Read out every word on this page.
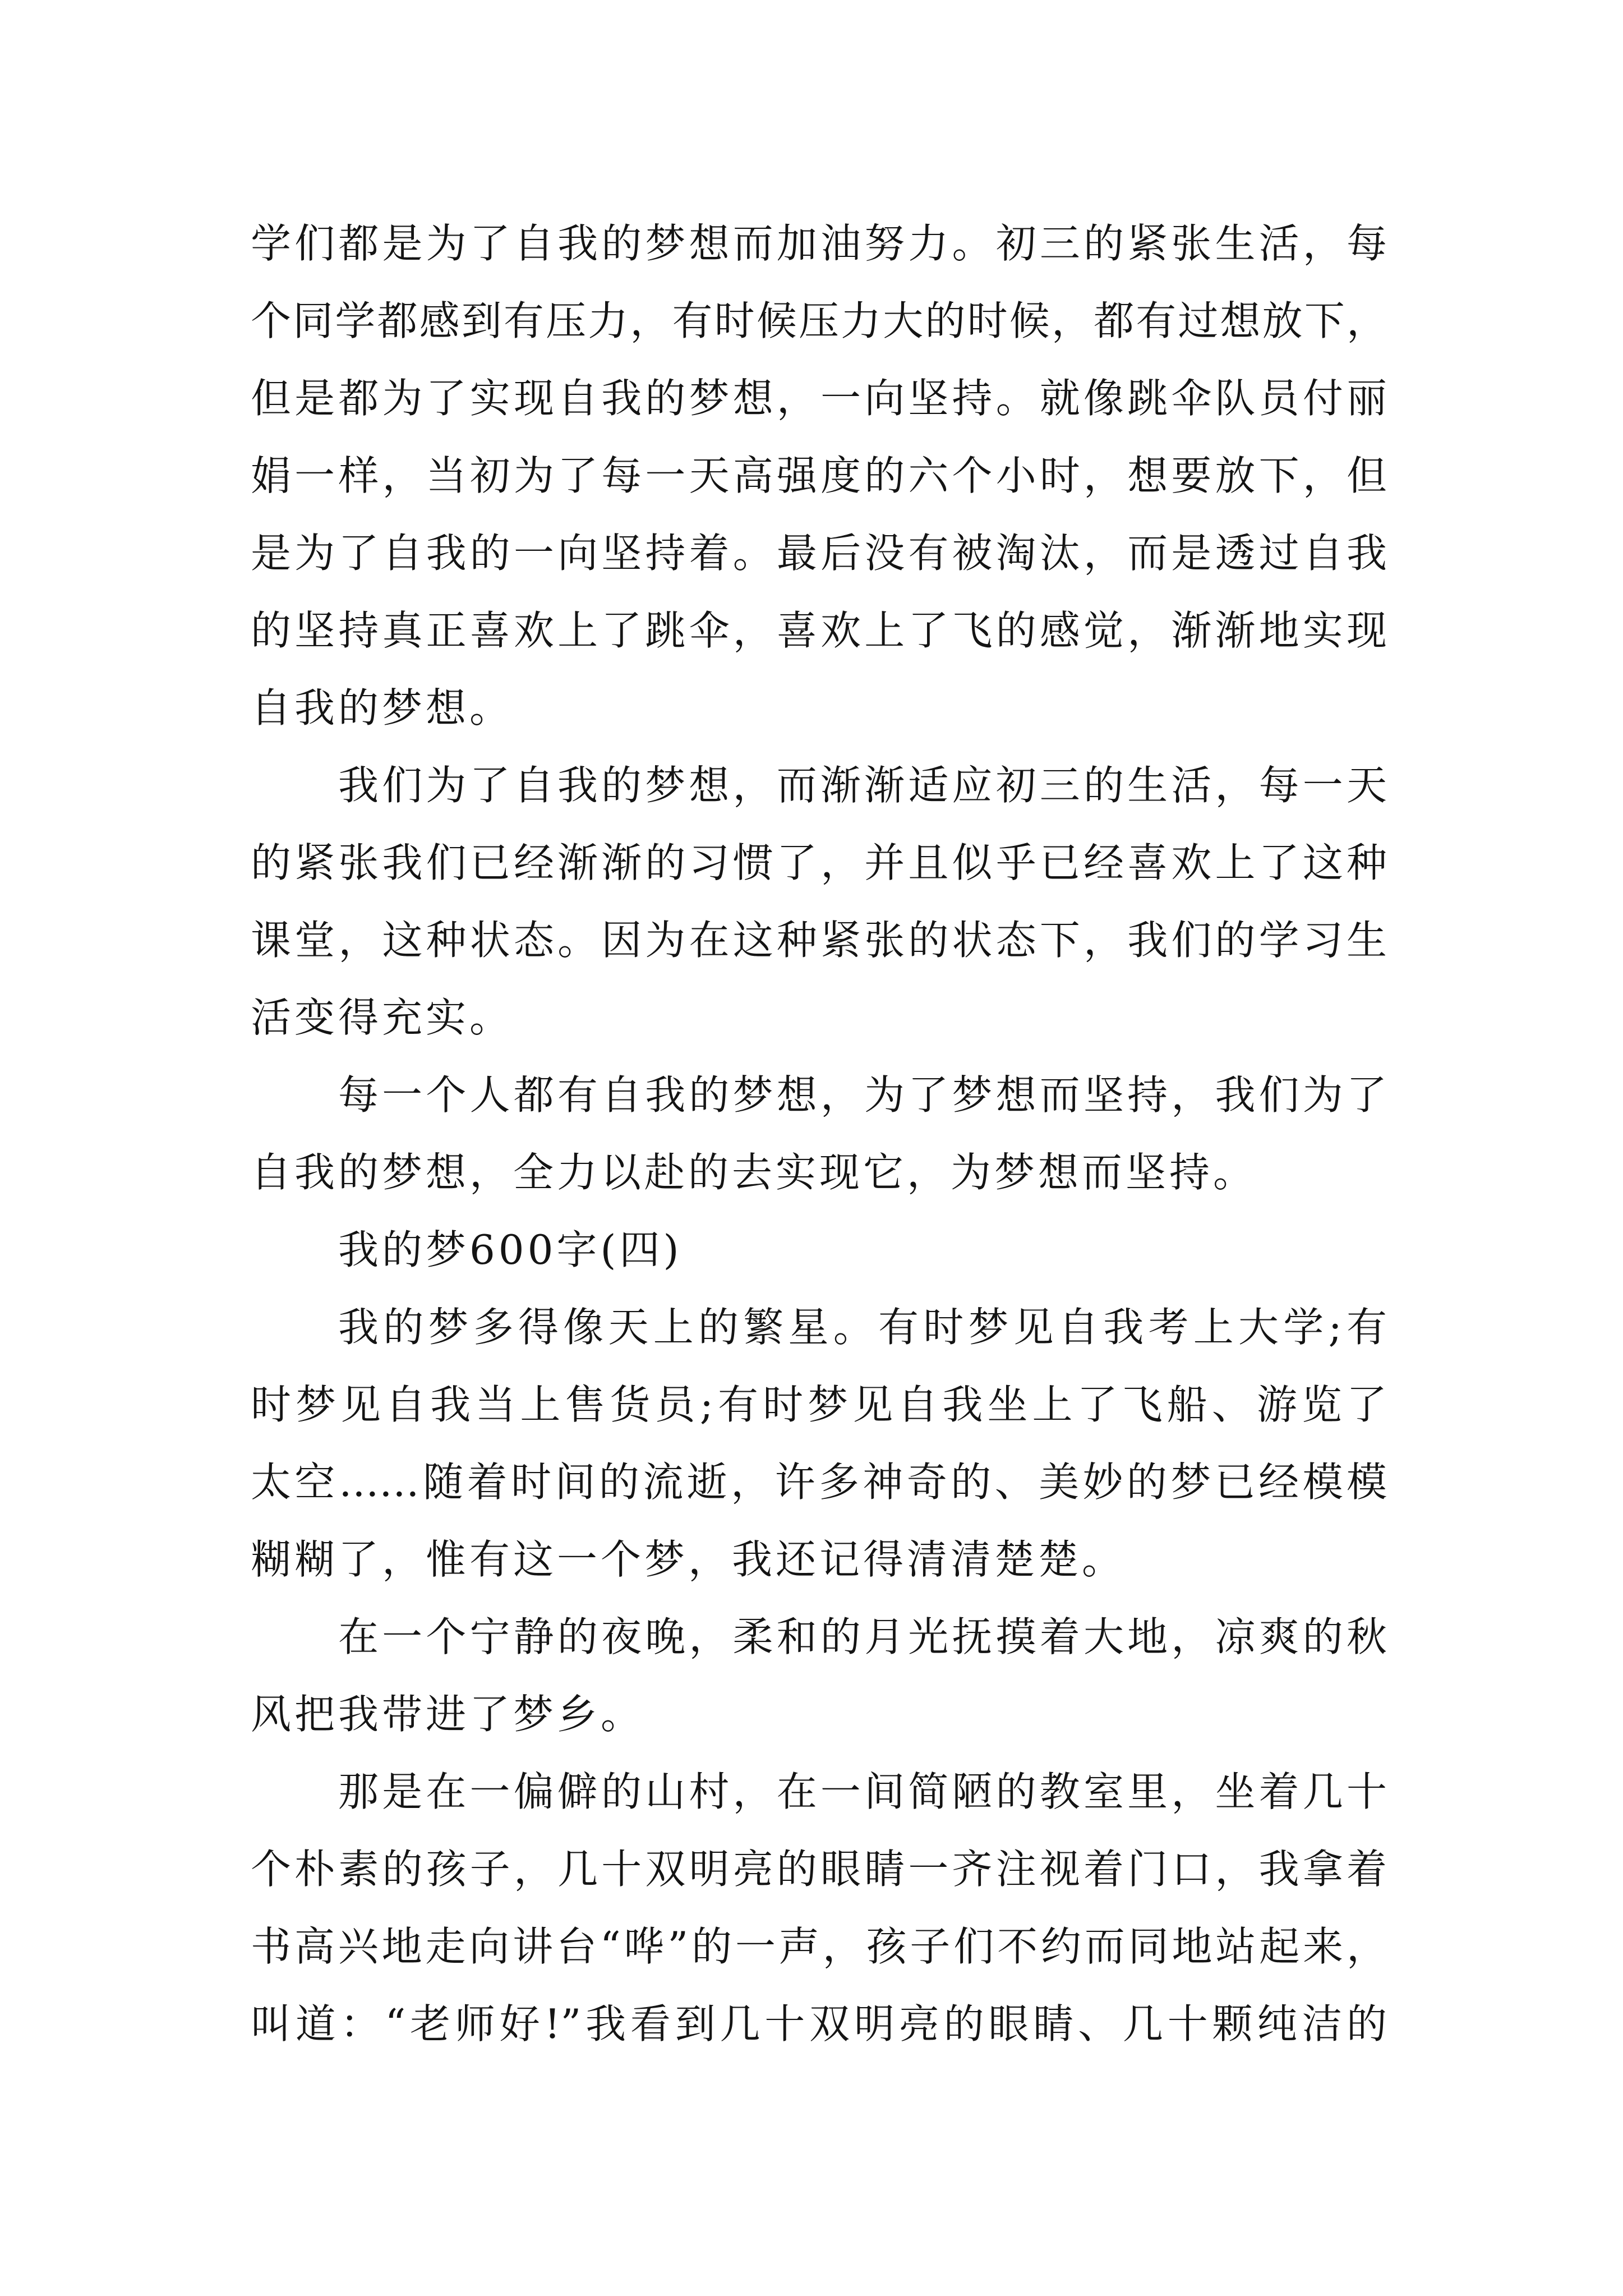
学们都是为了自我的梦想而加油努力。初三的紧张生活，每
个同学都感到有压力，有时候压力大的时候，都有过想放下，
但是都为了实现自我的梦想，一向坚持。就像跳伞队员付丽
娟一样，当初为了每一天高强度的六个小时，想要放下，但
是为了自我的一向坚持着。最后没有被淘汰，而是透过自我
的坚持真正喜欢上了跳伞，喜欢上了飞的感觉，渐渐地实现
自我的梦想。
我们为了自我的梦想，而渐渐适应初三的生活，每一天
的紧张我们已经渐渐的习惯了，并且似乎已经喜欢上了这种
课堂，这种状态。因为在这种紧张的状态下，我们的学习生
活变得充实。
每一个人都有自我的梦想，为了梦想而坚持，我们为了
自我的梦想，全力以赴的去实现它，为梦想而坚持。
我的梦600字(四)
我的梦多得像天上的繁星。有时梦见自我考上大学;有
时梦见自我当上售货员;有时梦见自我坐上了飞船、游览了
太空……随着时间的流逝，许多神奇的、美妙的梦已经模模
糊糊了，惟有这一个梦，我还记得清清楚楚。
在一个宁静的夜晚，柔和的月光抚摸着大地，凉爽的秋
风把我带进了梦乡。
那是在一偏僻的山村，在一间简陋的教室里，坐着几十
个朴素的孩子，几十双明亮的眼睛一齐注视着门口，我拿着
书高兴地走向讲台“哗”的一声，孩子们不约而同地站起来，
叫道：“老师好!”我看到几十双明亮的眼睛、几十颗纯洁的
